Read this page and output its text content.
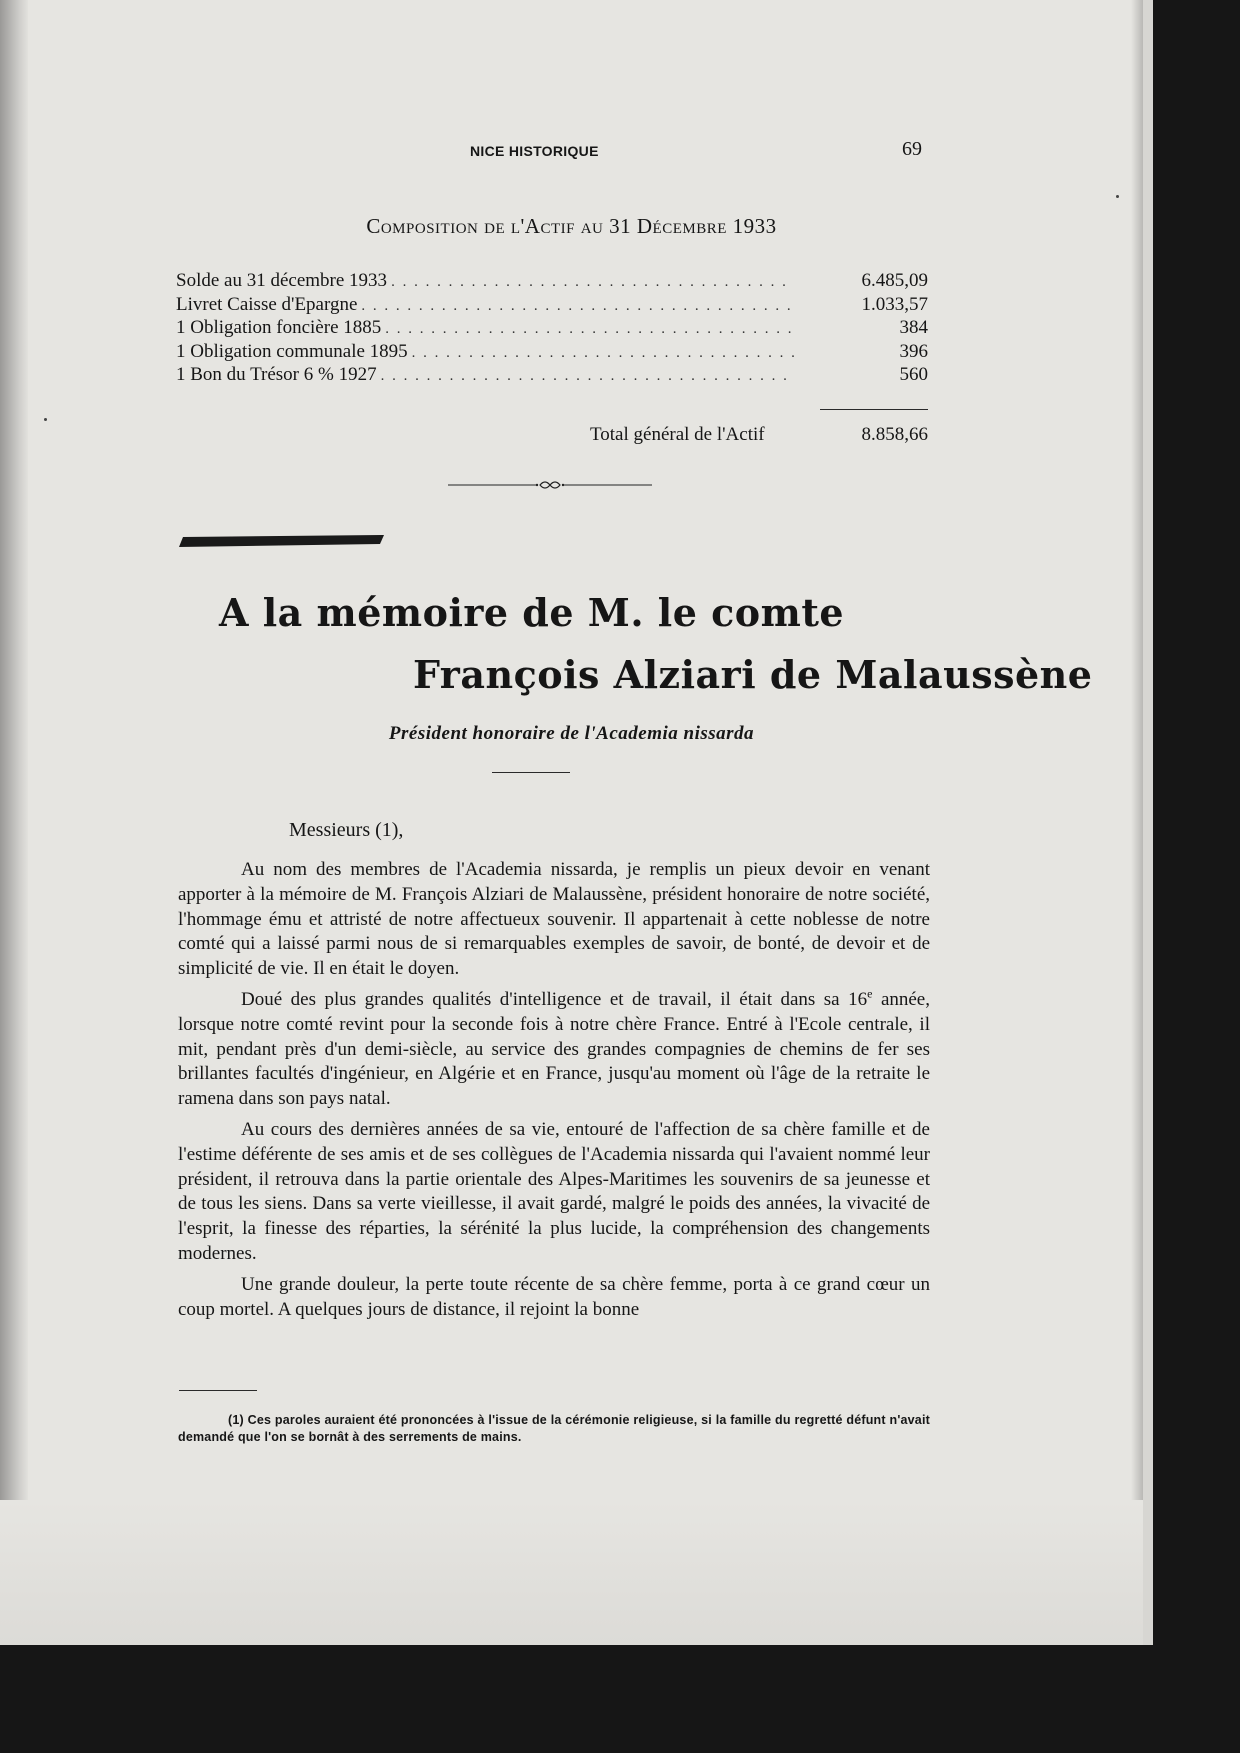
NICE HISTORIQUE	69
Composition de l'Actif au 31 Décembre 1933
Solde au 31 décembre 1933 . . .	6.485,09
Livret Caisse d'Epargne . . .	1.033,57
1 Obligation foncière 1885 . . .	384
1 Obligation communale 1895 . . .	396
1 Bon du Trésor 6 % 1927 . . .	560
Total général de l'Actif	8.858,66
A la mémoire de M. le comte
François Alziari de Malaussène
Président honoraire de l'Academia nissarda
Messieurs (1),

Au nom des membres de l'Academia nissarda, je remplis un pieux devoir en venant apporter à la mémoire de M. François Alziari de Malaussène, président honoraire de notre société, l'hommage ému et attristé de notre affectueux souvenir. Il appartenait à cette noblesse de notre comté qui a laissé parmi nous de si remarquables exemples de savoir, de bonté, de devoir et de simplicité de vie. Il en était le doyen.

Doué des plus grandes qualités d'intelligence et de travail, il était dans sa 16e année, lorsque notre comté revint pour la seconde fois à notre chère France. Entré à l'Ecole centrale, il mit, pendant près d'un demi-siècle, au service des grandes compagnies de chemins de fer ses brillantes facultés d'ingénieur, en Algérie et en France, jusqu'au moment où l'âge de la retraite le ramena dans son pays natal.

Au cours des dernières années de sa vie, entouré de l'affection de sa chère famille et de l'estime déférente de ses amis et de ses collègues de l'Academia nissarda qui l'avaient nommé leur président, il retrouva dans la partie orientale des Alpes-Maritimes les souvenirs de sa jeunesse et de tous les siens. Dans sa verte vieillesse, il avait gardé, malgré le poids des années, la vivacité de l'esprit, la finesse des réparties, la sérénité la plus lucide, la compréhension des changements modernes.

Une grande douleur, la perte toute récente de sa chère femme, porta à ce grand cœur un coup mortel. A quelques jours de distance, il rejoint la bonne

(1) Ces paroles auraient été prononcées à l'issue de la cérémonie religieuse, si la famille du regretté défunt n'avait demandé que l'on se bornât à des serrements de mains.
